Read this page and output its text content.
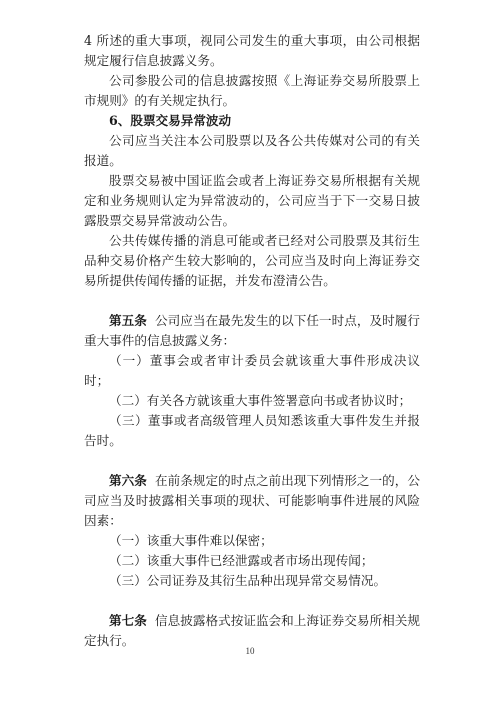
4 所述的重大事项，视同公司发生的重大事项，由公司根据规定履行信息披露义务。

公司参股公司的信息披露按照《上海证券交易所股票上市规则》的有关规定执行。

6、股票交易异常波动

公司应当关注本公司股票以及各公共传媒对公司的有关报道。

股票交易被中国证监会或者上海证券交易所根据有关规定和业务规则认定为异常波动的，公司应当于下一交易日披露股票交易异常波动公告。

公共传媒传播的消息可能或者已经对公司股票及其衍生品种交易价格产生较大影响的，公司应当及时向上海证券交易所提供传闻传播的证据，并发布澄清公告。

第五条 公司应当在最先发生的以下任一时点，及时履行重大事件的信息披露义务：

（一）董事会或者审计委员会就该重大事件形成决议时；

（二）有关各方就该重大事件签署意向书或者协议时；

（三）董事或者高级管理人员知悉该重大事件发生并报告时。

第六条 在前条规定的时点之前出现下列情形之一的，公司应当及时披露相关事项的现状、可能影响事件进展的风险因素：

（一）该重大事件难以保密；

（二）该重大事件已经泄露或者市场出现传闻；

（三）公司证券及其衍生品种出现异常交易情况。

第七条 信息披露格式按证监会和上海证券交易所相关规定执行。

10
